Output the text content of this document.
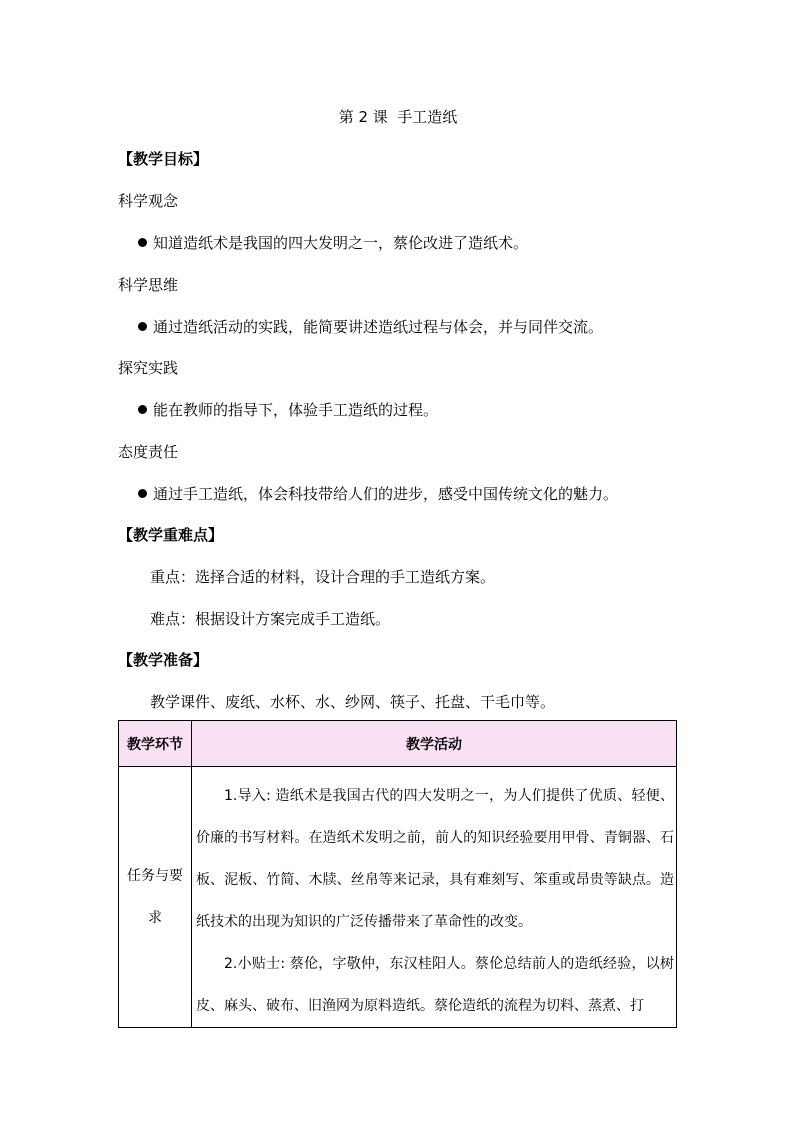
第 2 课  手工造纸
【教学目标】
科学观念
知道造纸术是我国的四大发明之一，蔡伦改进了造纸术。
科学思维
通过造纸活动的实践，能简要讲述造纸过程与体会，并与同伴交流。
探究实践
能在教师的指导下，体验手工造纸的过程。
态度责任
通过手工造纸，体会科技带给人们的进步，感受中国传统文化的魅力。
【教学重难点】
重点：选择合适的材料，设计合理的手工造纸方案。
难点：根据设计方案完成手工造纸。
【教学准备】
教学课件、废纸、水杯、水、纱网、筷子、托盘、干毛巾等。
教学环节	教学活动
任务与要求	1.导入: 造纸术是我国古代的四大发明之一，为人们提供了优质、轻便、价廉的书写材料。在造纸术发明之前，前人的知识经验要用甲骨、青铜器、石板、泥板、竹简、木牍、丝帛等来记录，具有难刻写、笨重或昂贵等缺点。造纸技术的出现为知识的广泛传播带来了革命性的改变。

2.小贴士: 蔡伦，字敬仲，东汉桂阳人。蔡伦总结前人的造纸经验，以树皮、麻头、破布、旧渔网为原料造纸。蔡伦造纸的流程为切料、蒸煮、打
